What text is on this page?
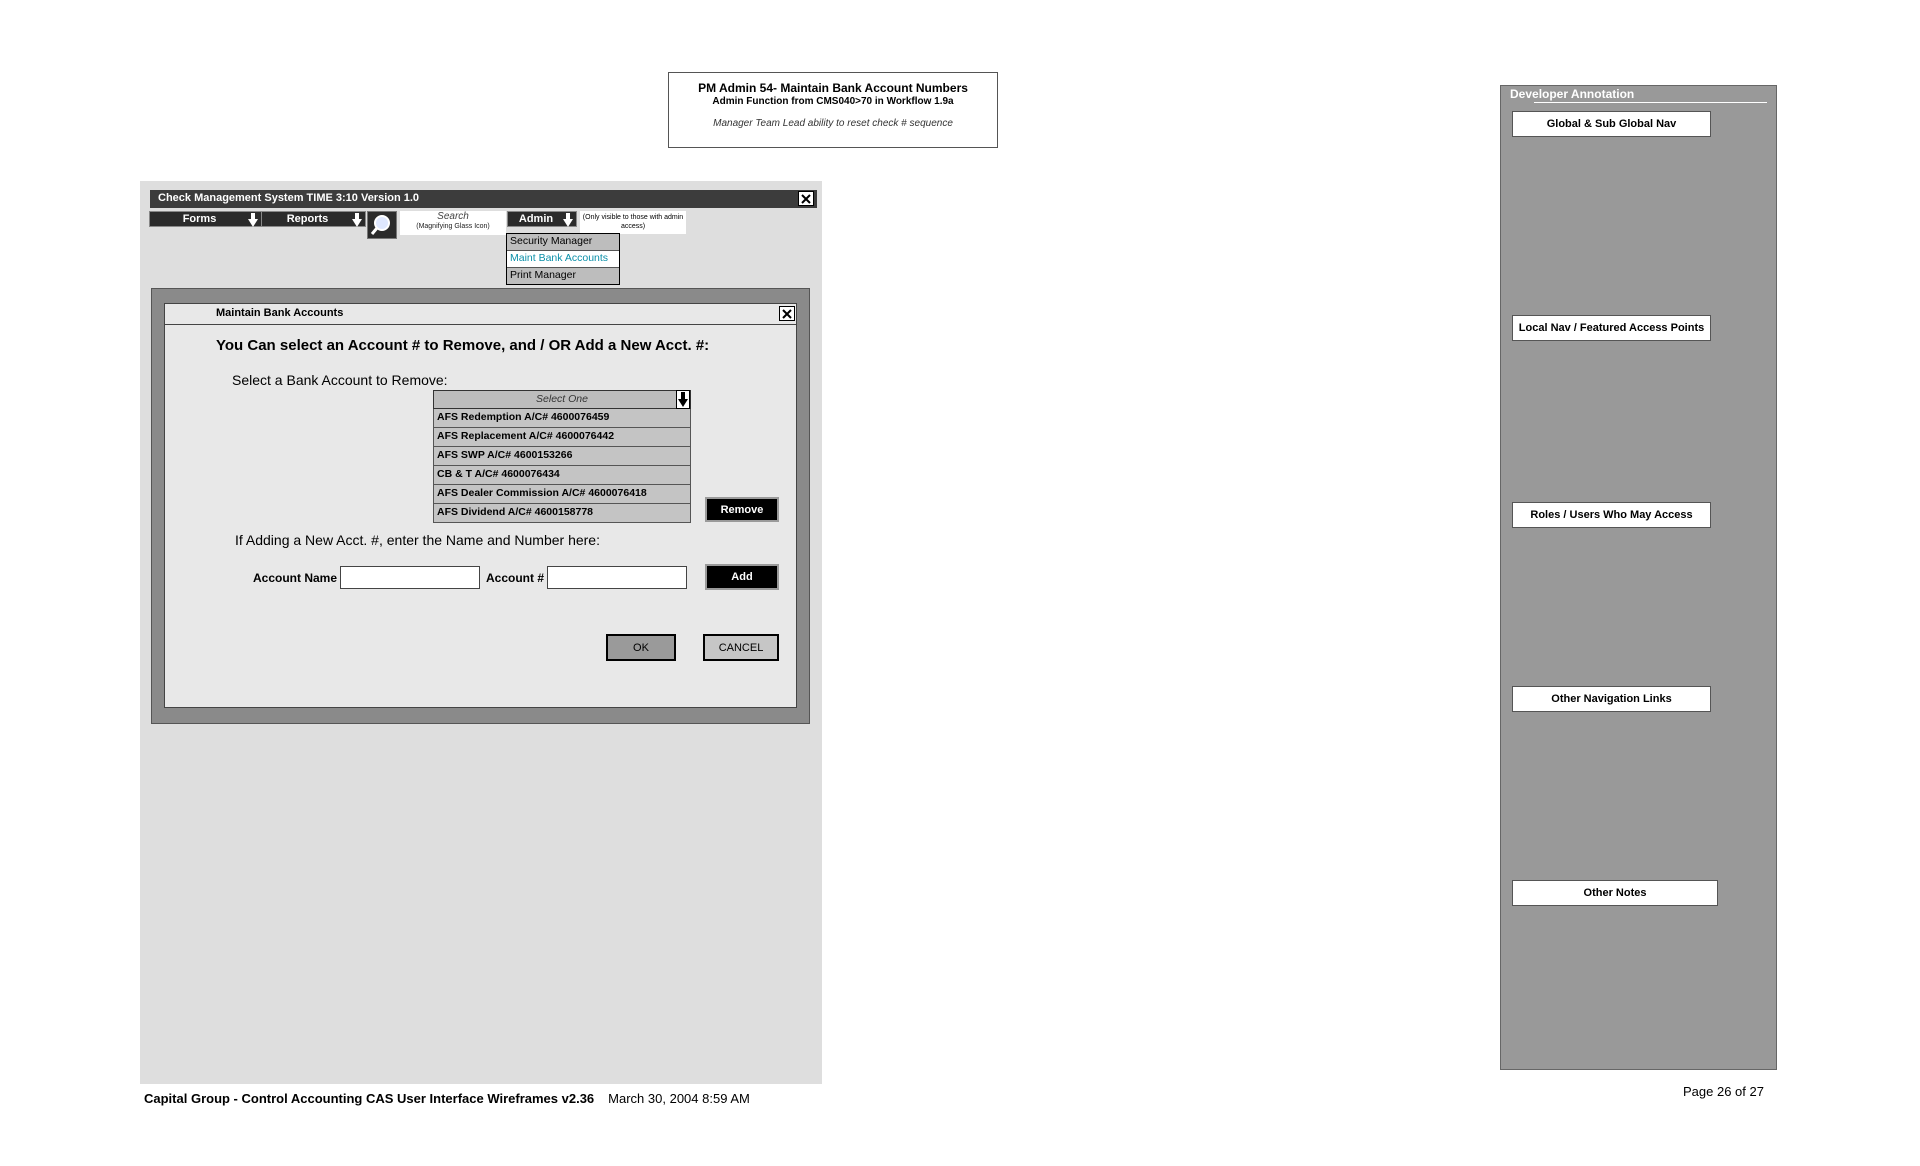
PM Admin 54- Maintain Bank Account Numbers
Admin Function from CMS040>70 in Workflow 1.9a
Manager Team Lead ability to reset check # sequence
Check Management System TIME 3:10 Version 1.0
Forms	Reports	Search
(Magnifying Glass Icon)
Admin	(Only visible to those with admin access)
Security Manager
Maint Bank Accounts
Print Manager
Maintain Bank Accounts
You Can select an Account # to Remove, and / OR Add a New Acct. #:
Select a Bank Account to Remove:
Select One
AFS Redemption A/C# 4600076459
AFS Replacement A/C# 4600076442
AFS SWP A/C# 4600153266
CB & T A/C# 4600076434
AFS Dealer Commission A/C# 4600076418
AFS Dividend A/C# 4600158778	Remove
If Adding a New Acct. #, enter the Name and Number here:
Account Name	Account #	Add
OK	CANCEL
Capital Group - Control Accounting CAS User Interface Wireframes v2.36 March 30, 2004 8:59 AM	Page 26 of 27
Developer Annotation
Global & Sub Global Nav
Local Nav / Featured Access Points
Roles / Users Who May Access
Other Navigation Links
Other Notes
